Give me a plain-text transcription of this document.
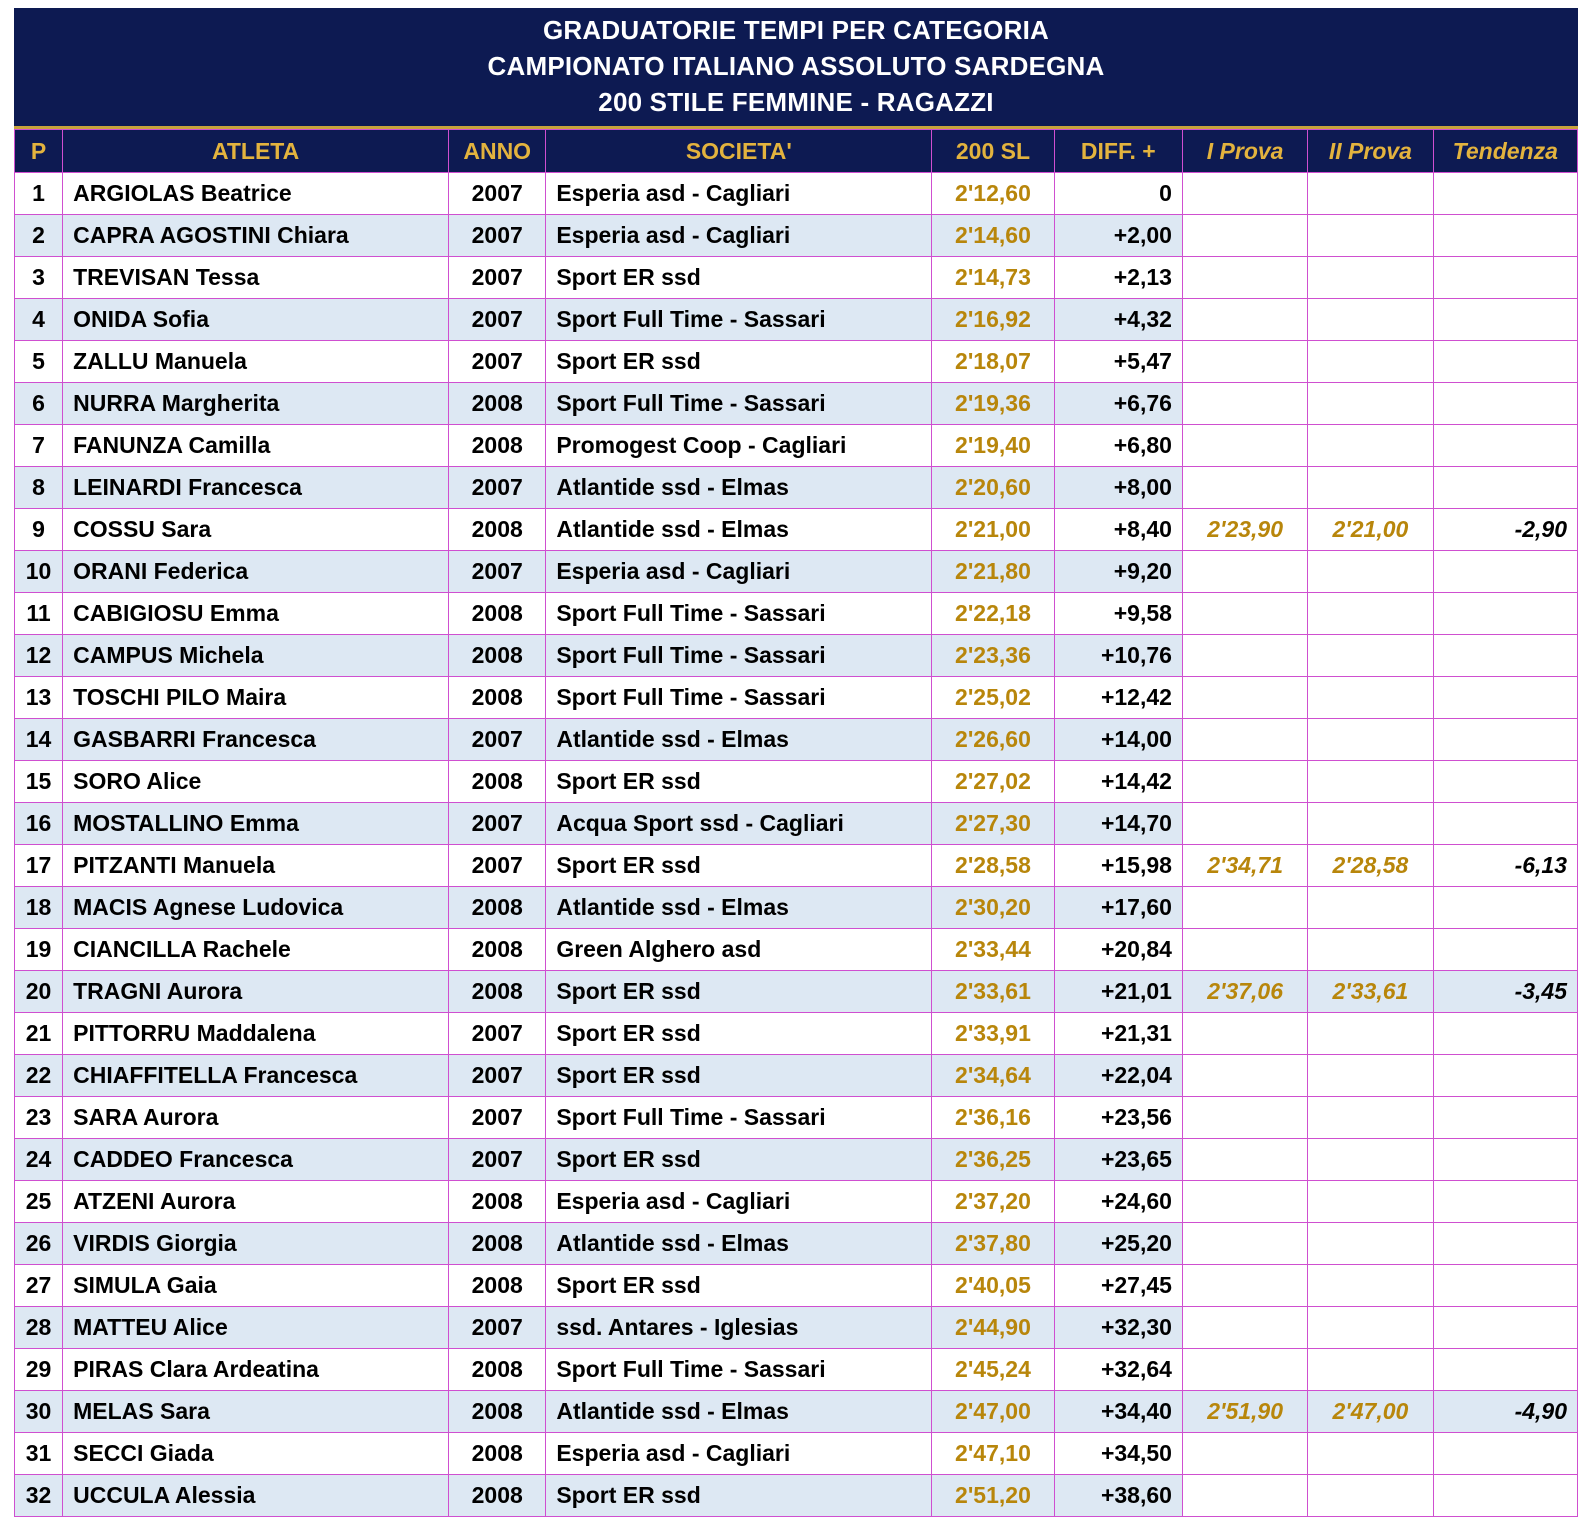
GRADUATORIE TEMPI PER CATEGORIA
CAMPIONATO ITALIANO ASSOLUTO SARDEGNA
200 STILE FEMMINE - RAGAZZI
P	ATLETA	ANNO	SOCIETA'	200 SL	DIFF. +	I Prova	II Prova	Tendenza
1	ARGIOLAS Beatrice	2007	Esperia asd - Cagliari	2'12,60	0			
2	CAPRA AGOSTINI Chiara	2007	Esperia asd - Cagliari	2'14,60	+2,00			
3	TREVISAN Tessa	2007	Sport ER ssd	2'14,73	+2,13			
4	ONIDA Sofia	2007	Sport Full Time - Sassari	2'16,92	+4,32			
5	ZALLU Manuela	2007	Sport ER ssd	2'18,07	+5,47			
6	NURRA Margherita	2008	Sport Full Time - Sassari	2'19,36	+6,76			
7	FANUNZA Camilla	2008	Promogest Coop - Cagliari	2'19,40	+6,80			
8	LEINARDI Francesca	2007	Atlantide ssd - Elmas	2'20,60	+8,00			
9	COSSU Sara	2008	Atlantide ssd - Elmas	2'21,00	+8,40	2'23,90	2'21,00	-2,90
10	ORANI Federica	2007	Esperia asd - Cagliari	2'21,80	+9,20			
11	CABIGIOSU Emma	2008	Sport Full Time - Sassari	2'22,18	+9,58			
12	CAMPUS Michela	2008	Sport Full Time - Sassari	2'23,36	+10,76			
13	TOSCHI PILO Maira	2008	Sport Full Time - Sassari	2'25,02	+12,42			
14	GASBARRI Francesca	2007	Atlantide ssd - Elmas	2'26,60	+14,00			
15	SORO Alice	2008	Sport ER ssd	2'27,02	+14,42			
16	MOSTALLINO Emma	2007	Acqua Sport ssd - Cagliari	2'27,30	+14,70			
17	PITZANTI Manuela	2007	Sport ER ssd	2'28,58	+15,98	2'34,71	2'28,58	-6,13
18	MACIS Agnese Ludovica	2008	Atlantide ssd - Elmas	2'30,20	+17,60			
19	CIANCILLA Rachele	2008	Green Alghero asd	2'33,44	+20,84			
20	TRAGNI Aurora	2008	Sport ER ssd	2'33,61	+21,01	2'37,06	2'33,61	-3,45
21	PITTORRU Maddalena	2007	Sport ER ssd	2'33,91	+21,31			
22	CHIAFFITELLA Francesca	2007	Sport ER ssd	2'34,64	+22,04			
23	SARA Aurora	2007	Sport Full Time - Sassari	2'36,16	+23,56			
24	CADDEO Francesca	2007	Sport ER ssd	2'36,25	+23,65			
25	ATZENI Aurora	2008	Esperia asd - Cagliari	2'37,20	+24,60			
26	VIRDIS Giorgia	2008	Atlantide ssd - Elmas	2'37,80	+25,20			
27	SIMULA Gaia	2008	Sport ER ssd	2'40,05	+27,45			
28	MATTEU Alice	2007	ssd. Antares - Iglesias	2'44,90	+32,30			
29	PIRAS Clara Ardeatina	2008	Sport Full Time - Sassari	2'45,24	+32,64			
30	MELAS Sara	2008	Atlantide ssd - Elmas	2'47,00	+34,40	2'51,90	2'47,00	-4,90
31	SECCI Giada	2008	Esperia asd - Cagliari	2'47,10	+34,50			
32	UCCULA Alessia	2008	Sport ER ssd	2'51,20	+38,60			
